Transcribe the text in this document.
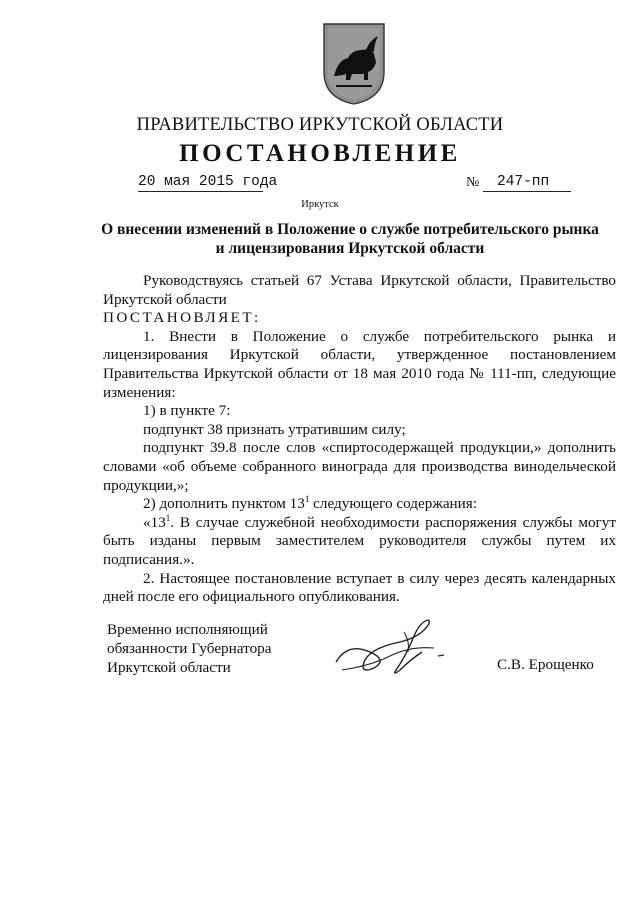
ПРАВИТЕЛЬСТВО ИРКУТСКОЙ ОБЛАСТИ
ПОСТАНОВЛЕНИЕ
20 мая 2015 года	№	247-пп
Иркутск
О внесении изменений в Положение о службе потребительского рынка
и лицензирования Иркутской области

Руководствуясь статьей 67 Устава Иркутской области, Правительство Иркутской области

ПОСТАНОВЛЯЕТ:

1. Внести в Положение о службе потребительского рынка и лицензирования Иркутской области, утвержденное постановлением Правительства Иркутской области от 18 мая 2010 года № 111-пп, следующие изменения:

1) в пункте 7:

подпункт 38 признать утратившим силу;

подпункт 39.8 после слов «спиртосодержащей продукции,» дополнить словами «об объеме собранного винограда для производства винодельческой продукции,»;

2) дополнить пунктом $13^1$ следующего содержания:

«$13^1$. В случае служебной необходимости распоряжения службы могут быть изданы первым заместителем руководителя службы путем их подписания.».

2. Настоящее постановление вступает в силу через десять календарных дней после его официального опубликования.

Временно исполняющий
обязанности Губернатора
Иркутской области	С.В. Ерощенко
